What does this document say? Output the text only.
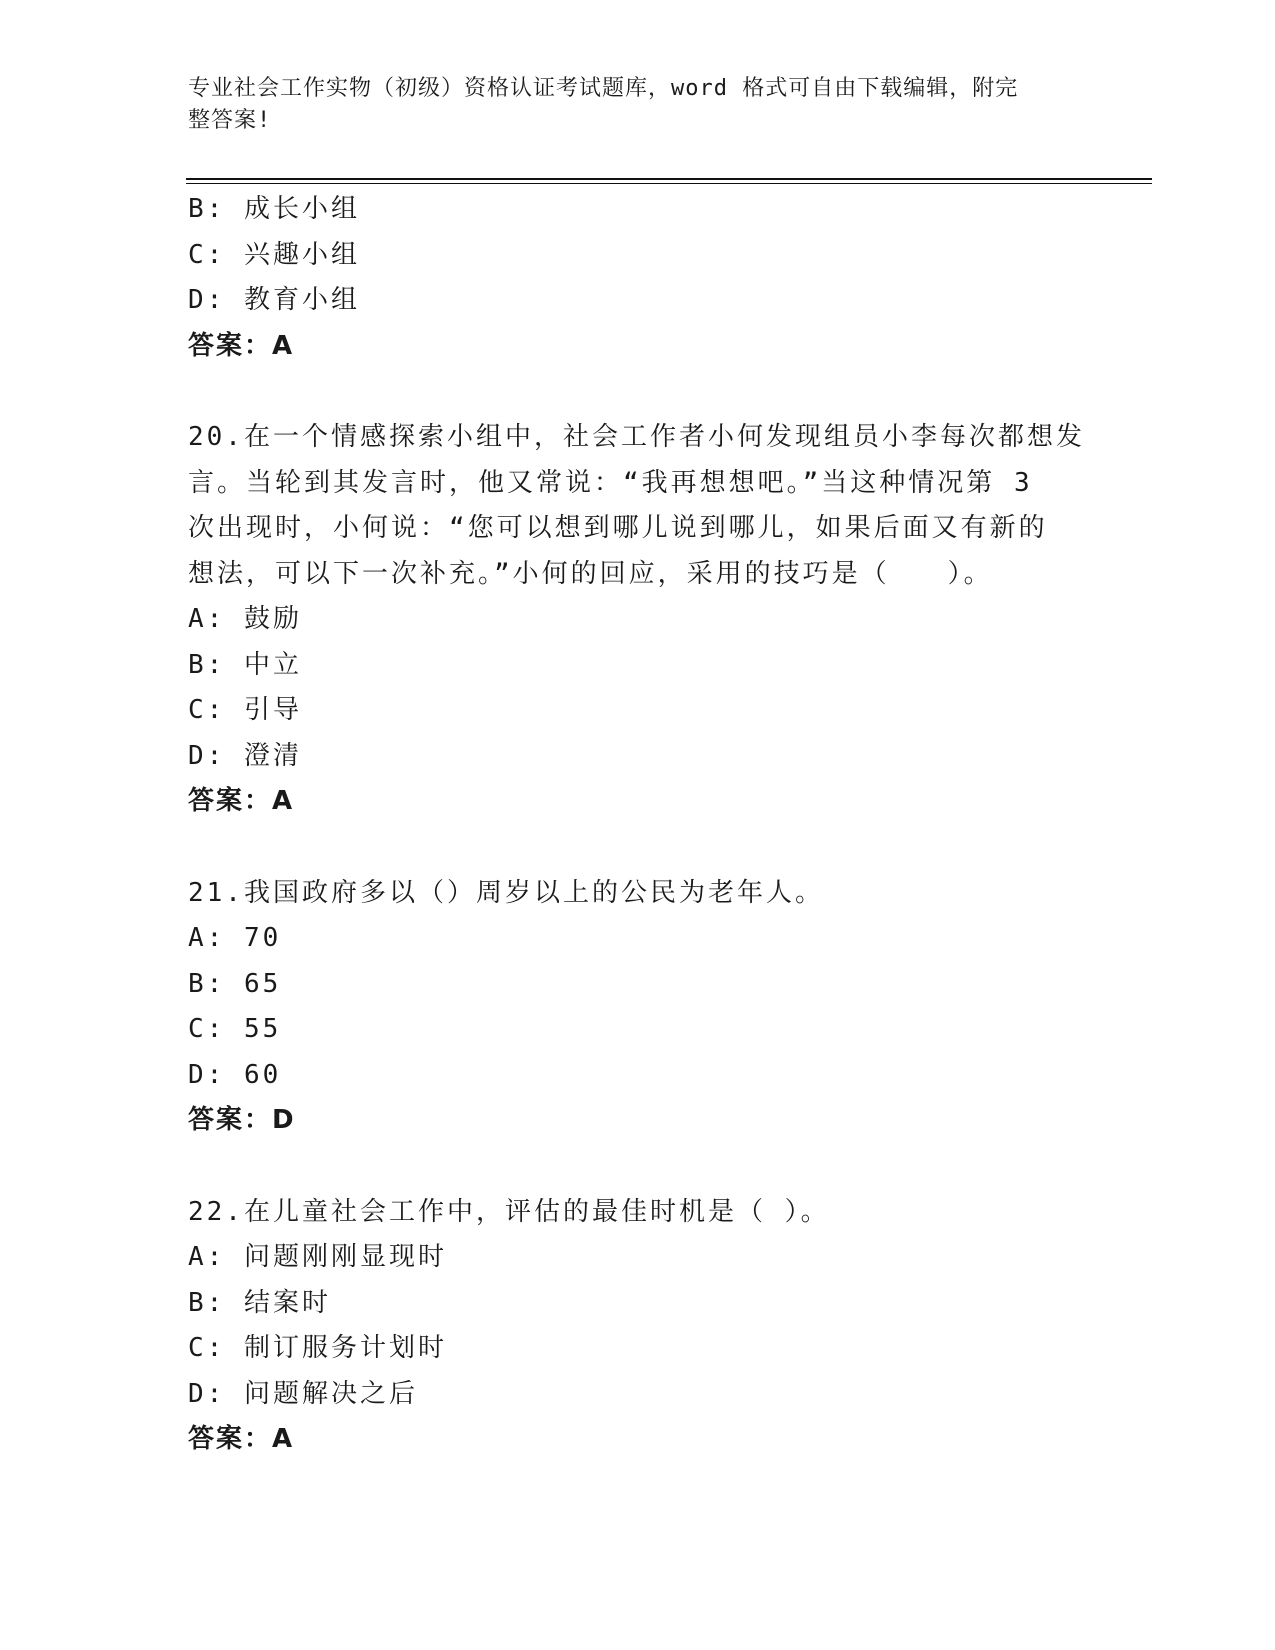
专业社会工作实物（初级）资格认证考试题库，word 格式可自由下载编辑，附完
整答案!
B: 成长小组
C: 兴趣小组
D: 教育小组
答案：A
20.在一个情感探索小组中，社会工作者小何发现组员小李每次都想发
言。当轮到其发言时，他又常说：“我再想想吧。”当这种情况第 3
次出现时，小何说：“您可以想到哪儿说到哪儿，如果后面又有新的
想法，可以下一次补充。”小何的回应，采用的技巧是（　　）。
A: 鼓励
B: 中立
C: 引导
D: 澄清
答案：A
21.我国政府多以（）周岁以上的公民为老年人。
A: 70
B: 65
C: 55
D: 60
答案：D
22.在儿童社会工作中，评估的最佳时机是（ ）。
A: 问题刚刚显现时
B: 结案时
C: 制订服务计划时
D: 问题解决之后
答案：A
